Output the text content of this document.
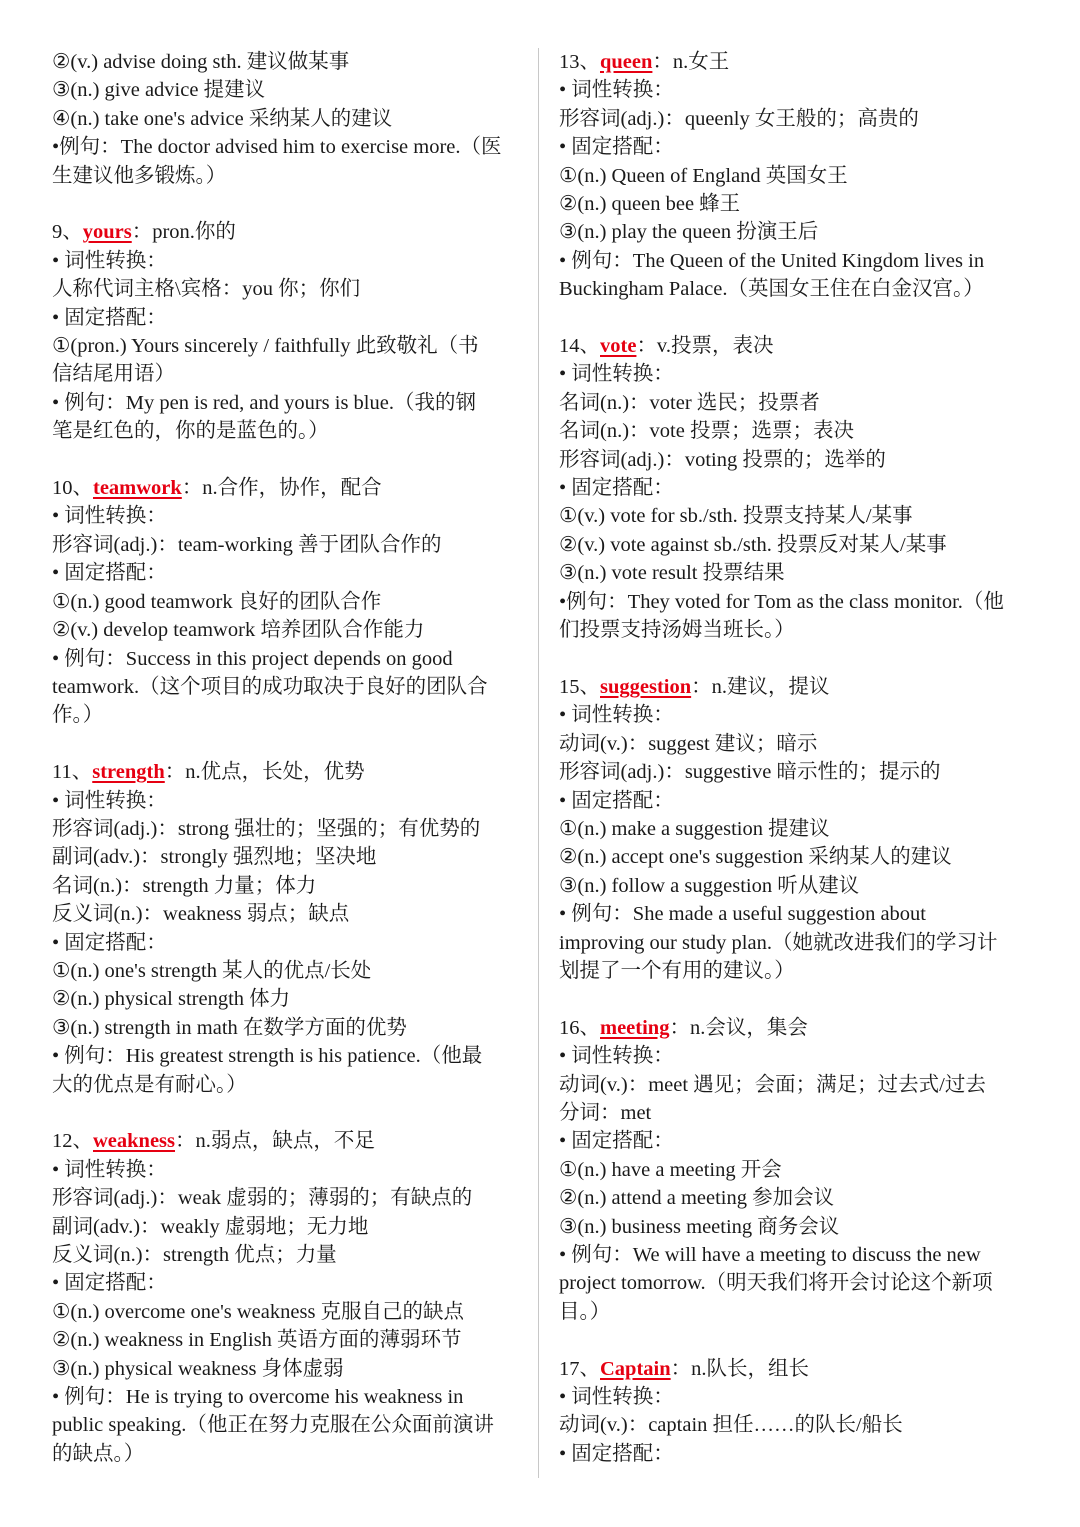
②(v.) advise doing sth. 建议做某事
③(n.) give advice 提建议
④(n.) take one's advice 采纳某人的建议
•例句：The doctor advised him to exercise more.（医
生建议他多锻炼。）
9、yours：pron.你的
• 词性转换：
人称代词主格\宾格：you 你；你们
• 固定搭配：
①(pron.) Yours sincerely / faithfully 此致敬礼（书
信结尾用语）
• 例句：My pen is red, and yours is blue.（我的钢
笔是红色的，你的是蓝色的。）
10、teamwork：n.合作，协作，配合
• 词性转换：
形容词(adj.)：team-working 善于团队合作的
• 固定搭配：
①(n.) good teamwork 良好的团队合作
②(v.) develop teamwork 培养团队合作能力
• 例句：Success in this project depends on good
teamwork.（这个项目的成功取决于良好的团队合
作。）
11、strength：n.优点，长处，优势
• 词性转换：
形容词(adj.)：strong 强壮的；坚强的；有优势的
副词(adv.)：strongly 强烈地；坚决地
名词(n.)：strength 力量；体力
反义词(n.)：weakness 弱点；缺点
• 固定搭配：
①(n.) one's strength 某人的优点/长处
②(n.) physical strength 体力
③(n.) strength in math 在数学方面的优势
• 例句：His greatest strength is his patience.（他最
大的优点是有耐心。）
12、weakness：n.弱点，缺点，不足
• 词性转换：
形容词(adj.)：weak 虚弱的；薄弱的；有缺点的
副词(adv.)：weakly 虚弱地；无力地
反义词(n.)：strength 优点；力量
• 固定搭配：
①(n.) overcome one's weakness 克服自己的缺点
②(n.) weakness in English 英语方面的薄弱环节
③(n.) physical weakness 身体虚弱
• 例句：He is trying to overcome his weakness in
public speaking.（他正在努力克服在公众面前演讲
的缺点。）
13、queen：n.女王
• 词性转换：
形容词(adj.)：queenly 女王般的；高贵的
• 固定搭配：
①(n.) Queen of England 英国女王
②(n.) queen bee 蜂王
③(n.) play the queen 扮演王后
• 例句：The Queen of the United Kingdom lives in
Buckingham Palace.（英国女王住在白金汉宫。）
14、vote：v.投票，表决
• 词性转换：
名词(n.)：voter 选民；投票者
名词(n.)：vote 投票；选票；表决
形容词(adj.)：voting 投票的；选举的
• 固定搭配：
①(v.) vote for sb./sth. 投票支持某人/某事
②(v.) vote against sb./sth. 投票反对某人/某事
③(n.) vote result 投票结果
•例句：They voted for Tom as the class monitor.（他
们投票支持汤姆当班长。）
15、suggestion：n.建议，提议
• 词性转换：
动词(v.)：suggest 建议；暗示
形容词(adj.)：suggestive 暗示性的；提示的
• 固定搭配：
①(n.) make a suggestion 提建议
②(n.) accept one's suggestion 采纳某人的建议
③(n.) follow a suggestion 听从建议
• 例句：She made a useful suggestion about
improving our study plan.（她就改进我们的学习计
划提了一个有用的建议。）
16、meeting：n.会议，集会
• 词性转换：
动词(v.)：meet 遇见；会面；满足；过去式/过去
分词：met
• 固定搭配：
①(n.) have a meeting 开会
②(n.) attend a meeting 参加会议
③(n.) business meeting 商务会议
• 例句：We will have a meeting to discuss the new
project tomorrow.（明天我们将开会讨论这个新项
目。）
17、Captain：n.队长，组长
• 词性转换：
动词(v.)：captain 担任……的队长/船长
• 固定搭配：
